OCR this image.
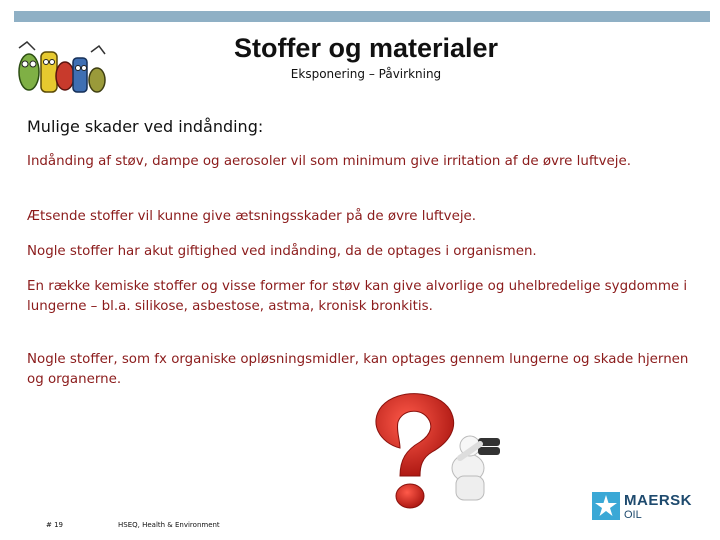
Stoffer og materialer
Eksponering – Påvirkning
Mulige skader ved indånding:
Indånding af støv, dampe og aerosoler vil som minimum give irritation af de øvre luftveje.
Ætsende stoffer vil kunne give ætsningsskader på de øvre luftveje.
Nogle stoffer har akut giftighed ved indånding, da de optages i organismen.
En række kemiske stoffer og visse former for støv kan give alvorlige og uhelbredelige sygdomme i lungerne – bl.a. silikose, asbestose, astma, kronisk bronkitis.
Nogle stoffer, som fx organiske opløsningsmidler, kan optages gennem lungerne og skade hjernen og organerne.
# 19	HSEQ, Health & Environment
MAERSK
OIL
